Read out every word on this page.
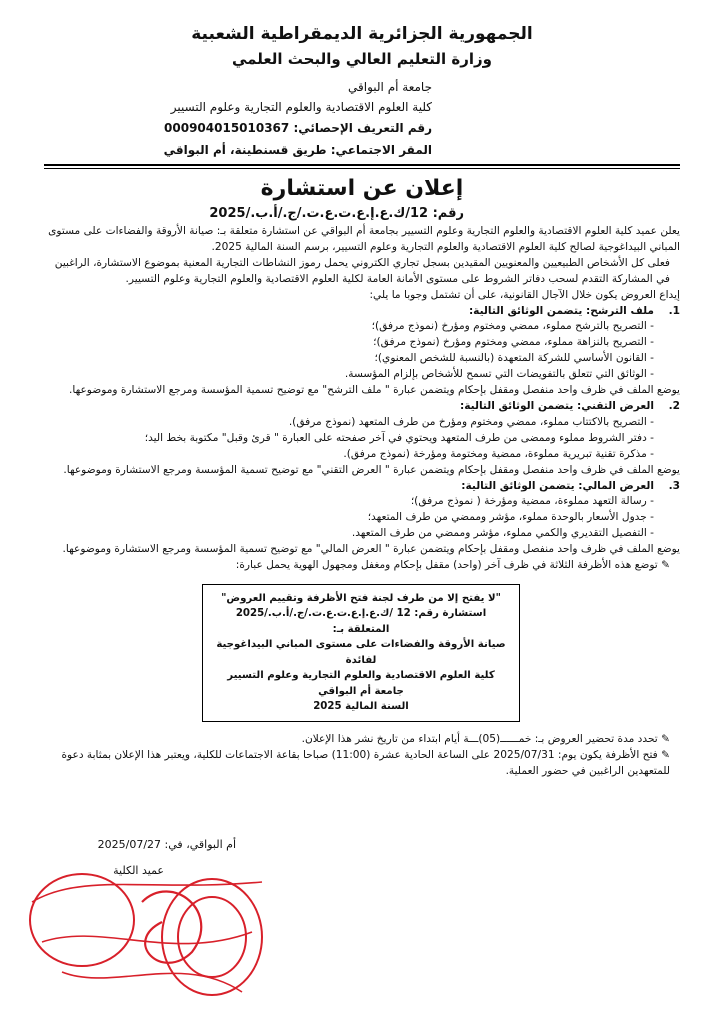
الجمهورية الجزائرية الديمقراطية الشعبية
وزارة التعليم العالي والبحث العلمي
جامعة أم البواقي
كلية العلوم الاقتصادية والعلوم التجارية وعلوم التسيير
رقم التعريف الإحصائي: 000904015010367
المقر الاجتماعي: طريق قسنطينة، أم البواقي
إعلان عن استشارة
رقم: 12/ك.ع.إ.ع.ت.ع.ت./ج./أ.ب./2025

يعلن عميد كلية العلوم الاقتصادية والعلوم التجارية وعلوم التسيير بجامعة أم البواقي عن استشارة متعلقة بـ: صيانة الأروقة والفضاءات على مستوى المباني البيداغوجية لصالح كلية العلوم الاقتصادية والعلوم التجارية وعلوم التسيير، برسم السنة المالية 2025.

فعلى كل الأشخاص الطبيعيين والمعنويين المقيدين بسجل تجاري الكتروني يحمل رموز النشاطات التجارية المعنية بموضوع الاستشارة، الراغبين في المشاركة التقدم لسحب دفاتر الشروط على مستوى الأمانة العامة لكلية العلوم الاقتصادية والعلوم التجارية وعلوم التسيير.

إيداع العروض يكون خلال الآجال القانونية، على أن تشتمل وجوبا ما يلي:

1.ملف الترشح: يتضمن الوثائق التالية:

- التصريح بالترشح مملوء، ممضي ومختوم ومؤرخ (نموذج مرفق)؛

- التصريح بالنزاهة مملوء، ممضي ومختوم ومؤرخ (نموذج مرفق)؛

- القانون الأساسي للشركة المتعهدة (بالنسبة للشخص المعنوي)؛

- الوثائق التي تتعلق بالتفويضات التي تسمح للأشخاص بإلزام المؤسسة.

يوضع الملف في ظرف واحد منفصل ومقفل بإحكام ويتضمن عبارة " ملف الترشح" مع توضيح تسمية المؤسسة ومرجع الاستشارة وموضوعها.

2.العرض التقني: يتضمن الوثائق التالية:

- التصريح بالاكتتاب مملوء، ممضي ومختوم ومؤرخ من طرف المتعهد (نموذج مرفق).

- دفتر الشروط مملوء وممضى من طرف المتعهد ويحتوي في آخر صفحته على العبارة " قرئ وقبل" مكتوبة بخط اليد؛

- مذكرة تقنية تبريرية مملوءة، ممضية ومختومة ومؤرخة (نموذج مرفق).

يوضع الملف في ظرف واحد منفصل ومقفل بإحكام ويتضمن عبارة " العرض التقني" مع توضيح تسمية المؤسسة ومرجع الاستشارة وموضوعها.

3.العرض المالي: يتضمن الوثائق التالية:

- رسالة التعهد مملوءة، ممضية ومؤرخة ( نموذج مرفق)؛

- جدول الأسعار بالوحدة مملوء، مؤشر وممضي من طرف المتعهد؛

- التفصيل التقديري والكمي مملوء، مؤشر وممضي من طرف المتعهد.

يوضع الملف في ظرف واحد منفصل ومقفل بإحكام ويتضمن عبارة " العرض المالي" مع توضيح تسمية المؤسسة ومرجع الاستشارة وموضوعها.

✎ توضع هذه الأظرفة الثلاثة في ظرف آخر (واحد) مقفل بإحكام ومغفل ومجهول الهوية يحمل عبارة:

"لا يفتح إلا من طرف لجنة فتح الأظرفة وتقييم العروض"
استشارة رقم: 12 /ك.ع.إ.ع.ت.ع.ت./ج./أ.ب./2025
المتعلقة بـ:
صيانة الأروقة والفضاءات على مستوى المباني البيداغوجية
لفائدة
كلية العلوم الاقتصادية والعلوم التجارية وعلوم التسيير جامعة أم البواقي
السنة المالية 2025

✎ تحدد مدة تحضير العروض بـ: خمــــــ(05)ـــة أيام ابتداء من تاريخ نشر هذا الإعلان.

✎ فتح الأظرفة يكون يوم: 2025/07/31 على الساعة الحادية عشرة (11:00) صباحا بقاعة الاجتماعات للكلية، ويعتبر هذا الإعلان بمثابة دعوة للمتعهدين الراغبين في حضور العملية.

أم البواقي، في: 2025/07/27
عميد الكلية
